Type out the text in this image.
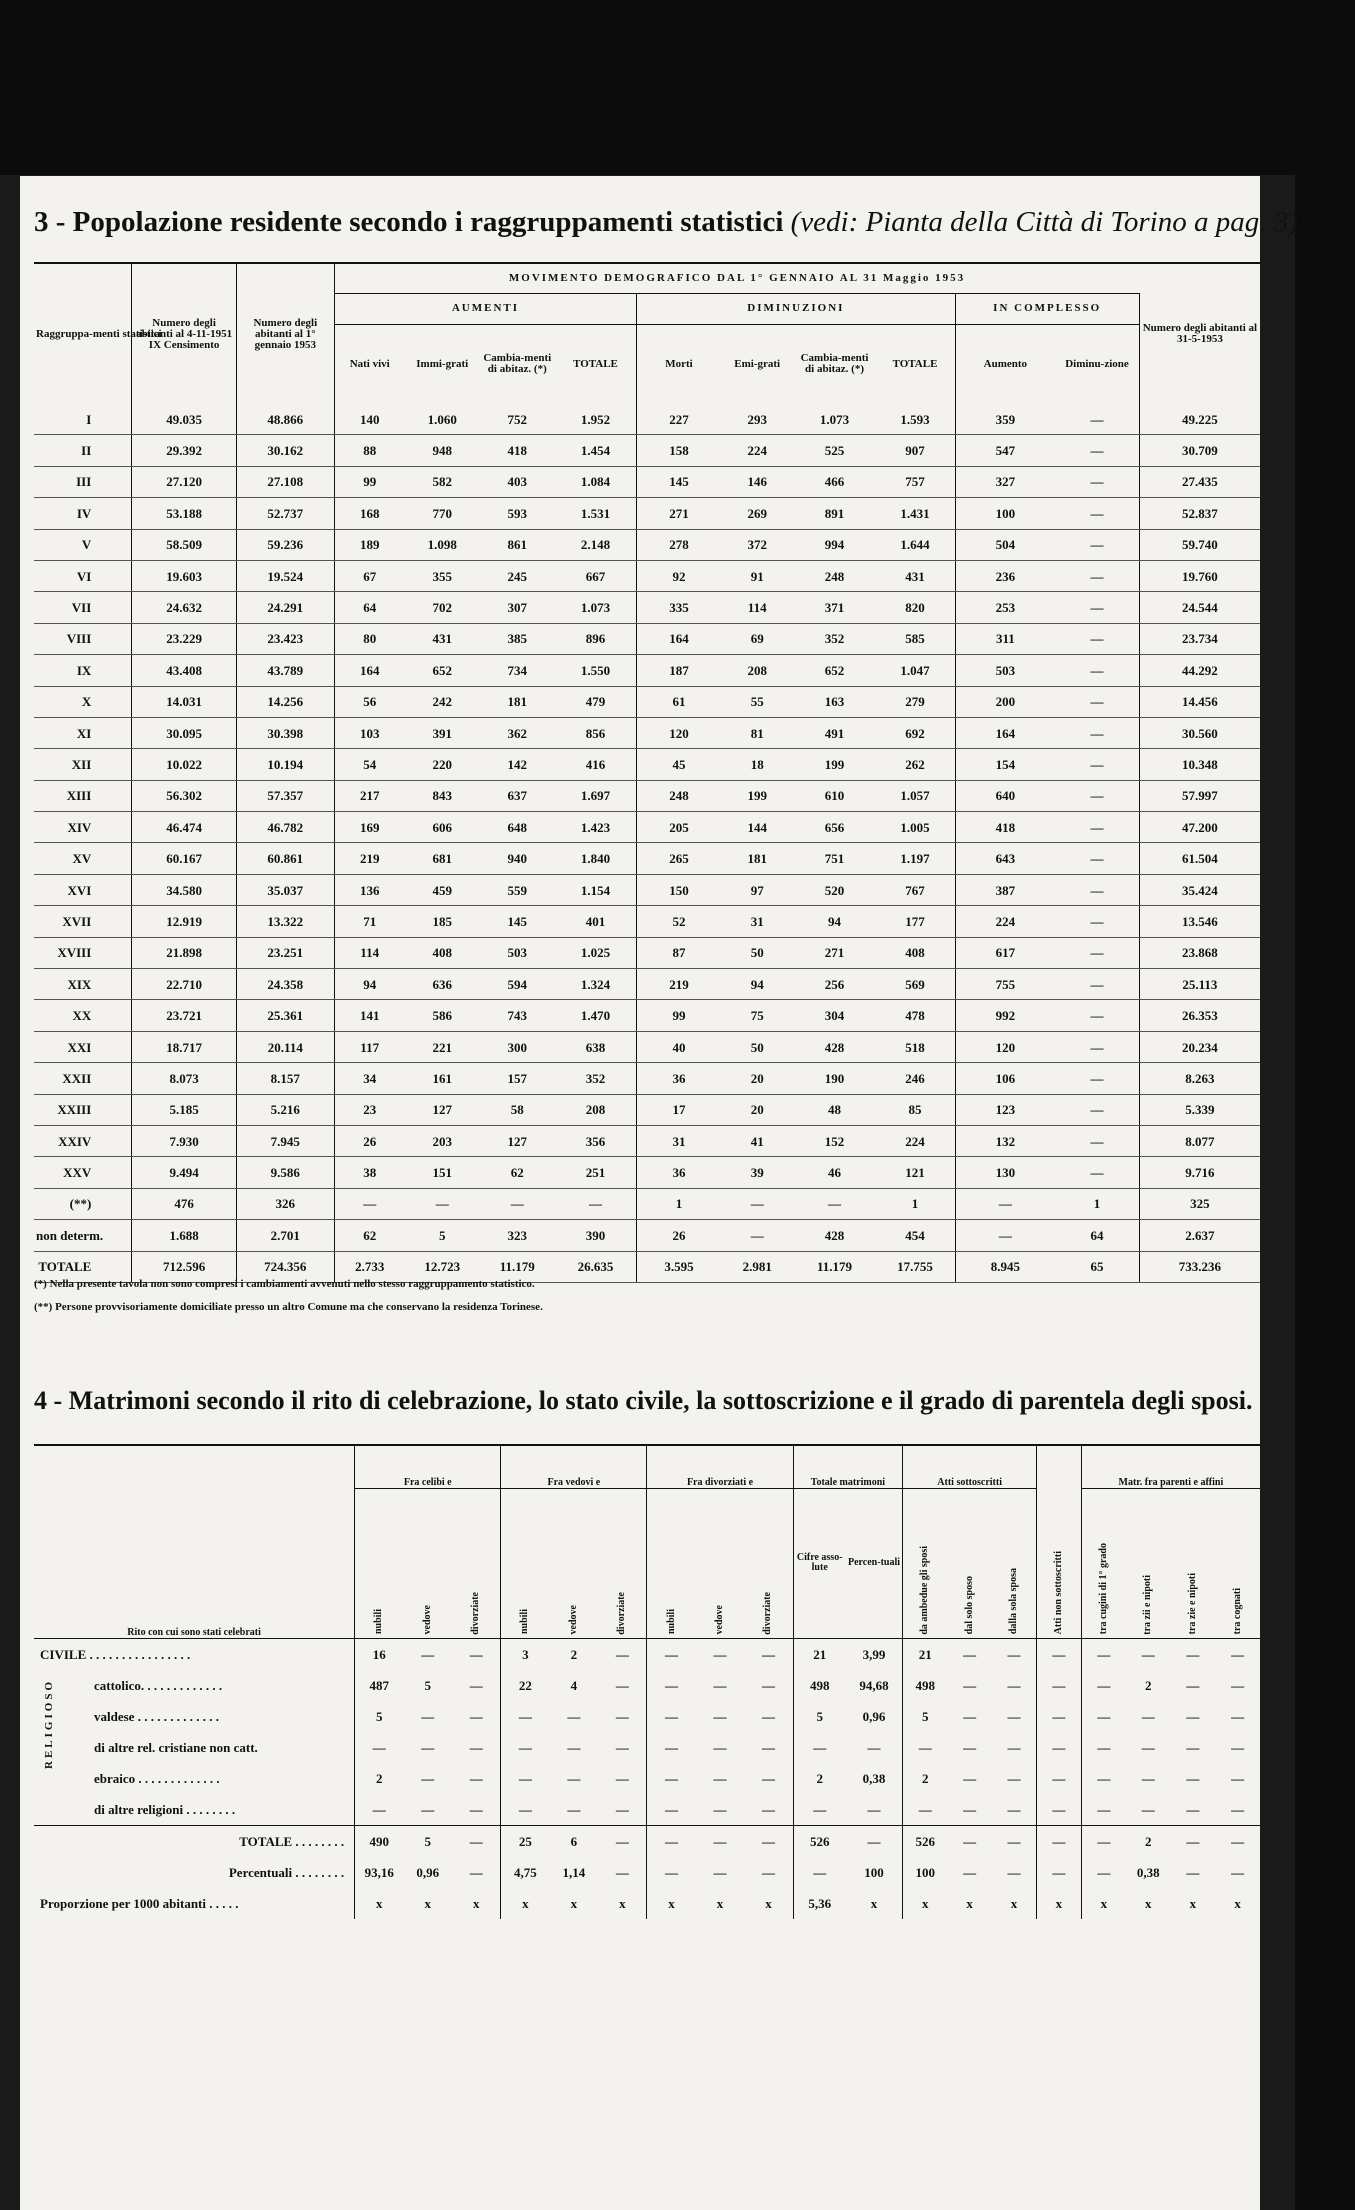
3 - Popolazione residente secondo i raggruppamenti statistici (vedi: Pianta della Città di Torino a pag. 3)
Raggruppa-menti statistici	Numero degli abitanti al 4-11-1951 IX Censimento	Numero degli abitanti al 1° gennaio 1953	MOVIMENTO DEMOGRAFICO DAL 1° GENNAIO AL 31 Maggio 1953										Numero degli abitanti al 31-5-1953

			AUMENTI				DIMINUZIONI				IN COMPLESSO		
			Nati vivi	Immi-grati	Cambia-menti di abitaz. (*)	TOTALE	Morti	Emi-grati	Cambia-menti di abitaz. (*)	TOTALE	Aumento	Diminu-zione	
I	49.035	48.866	140	1.060	752	1.952	227	293	1.073	1.593	359	—	49.225
II	29.392	30.162	88	948	418	1.454	158	224	525	907	547	—	30.709
III	27.120	27.108	99	582	403	1.084	145	146	466	757	327	—	27.435
IV	53.188	52.737	168	770	593	1.531	271	269	891	1.431	100	—	52.837
V	58.509	59.236	189	1.098	861	2.148	278	372	994	1.644	504	—	59.740
VI	19.603	19.524	67	355	245	667	92	91	248	431	236	—	19.760
VII	24.632	24.291	64	702	307	1.073	335	114	371	820	253	—	24.544
VIII	23.229	23.423	80	431	385	896	164	69	352	585	311	—	23.734
IX	43.408	43.789	164	652	734	1.550	187	208	652	1.047	503	—	44.292
X	14.031	14.256	56	242	181	479	61	55	163	279	200	—	14.456
XI	30.095	30.398	103	391	362	856	120	81	491	692	164	—	30.560
XII	10.022	10.194	54	220	142	416	45	18	199	262	154	—	10.348
XIII	56.302	57.357	217	843	637	1.697	248	199	610	1.057	640	—	57.997
XIV	46.474	46.782	169	606	648	1.423	205	144	656	1.005	418	—	47.200
XV	60.167	60.861	219	681	940	1.840	265	181	751	1.197	643	—	61.504
XVI	34.580	35.037	136	459	559	1.154	150	97	520	767	387	—	35.424
XVII	12.919	13.322	71	185	145	401	52	31	94	177	224	—	13.546
XVIII	21.898	23.251	114	408	503	1.025	87	50	271	408	617	—	23.868
XIX	22.710	24.358	94	636	594	1.324	219	94	256	569	755	—	25.113
XX	23.721	25.361	141	586	743	1.470	99	75	304	478	992	—	26.353
XXI	18.717	20.114	117	221	300	638	40	50	428	518	120	—	20.234
XXII	8.073	8.157	34	161	157	352	36	20	190	246	106	—	8.263
XXIII	5.185	5.216	23	127	58	208	17	20	48	85	123	—	5.339
XXIV	7.930	7.945	26	203	127	356	31	41	152	224	132	—	8.077
XXV	9.494	9.586	38	151	62	251	36	39	46	121	130	—	9.716
(**)	476	326	—	—	—	—	1	—	—	1	—	1	325
non determ.	1.688	2.701	62	5	323	390	26	—	428	454	—	64	2.637
TOTALE	712.596	724.356	2.733	12.723	11.179	26.635	3.595	2.981	11.179	17.755	8.945	65	733.236
(*) Nella presente tavola non sono compresi i cambiamenti avvenuti nello stesso raggruppamento statistico.
(**) Persone provvisoriamente domiciliate presso un altro Comune ma che conservano la residenza Torinese.
4 - Matrimoni secondo il rito di celebrazione, lo stato civile, la sottoscrizione e il grado di parentela degli sposi.
Rito con cui sono stati celebrati	Fra celibi e			Fra vedovi e			Fra divorziati e			Totale matrimoni		Atti sottoscritti			Atti non sottoscritti	Matr. fra parenti e affini			
	nubili	vedove	divorziate	nubili	vedove	divorziate	nubili	vedove	divorziate	Cifre asso-lute	Percen-tuali	da ambedue gli sposi	dal solo sposo	dalla sola sposa		tra cugini di 1° grado	tra zii e nipoti	tra zie e nipoti	tra cognati
CIVILE . . . . . . . . . . . . . . . .	16	—	—	3	2	—	—	—	—	21	3,99	21	—	—	—	—	—	—	—
cattolico. . . . . . . . . . . . .	487	5	—	22	4	—	—	—	—	498	94,68	498	—	—	—	—	2	—	—
valdese . . . . . . . . . . . . .	5	—	—	—	—	—	—	—	—	5	0,96	5	—	—	—	—	—	—	—
di altre rel. cristiane non catt.	—	—	—	—	—	—	—	—	—	—	—	—	—	—	—	—	—	—	—
ebraico . . . . . . . . . . . . .	2	—	—	—	—	—	—	—	—	2	0,38	2	—	—	—	—	—	—	—
di altre religioni . . . . . . . .	—	—	—	—	—	—	—	—	—	—	—	—	—	—	—	—	—	—	—
TOTALE . . . . . . . .	490	5	—	25	6	—	—	—	—	526	—	526	—	—	—	—	2	—	—
Percentuali . . . . . . . .	93,16	0,96	—	4,75	1,14	—	—	—	—	—	100	100	—	—	—	—	0,38	—	—
Proporzione per 1000 abitanti . . . . .	x	x	x	x	x	x	x	x	x	5,36	x	x	x	x	x	x	x	x	x
RELIGIOSO
